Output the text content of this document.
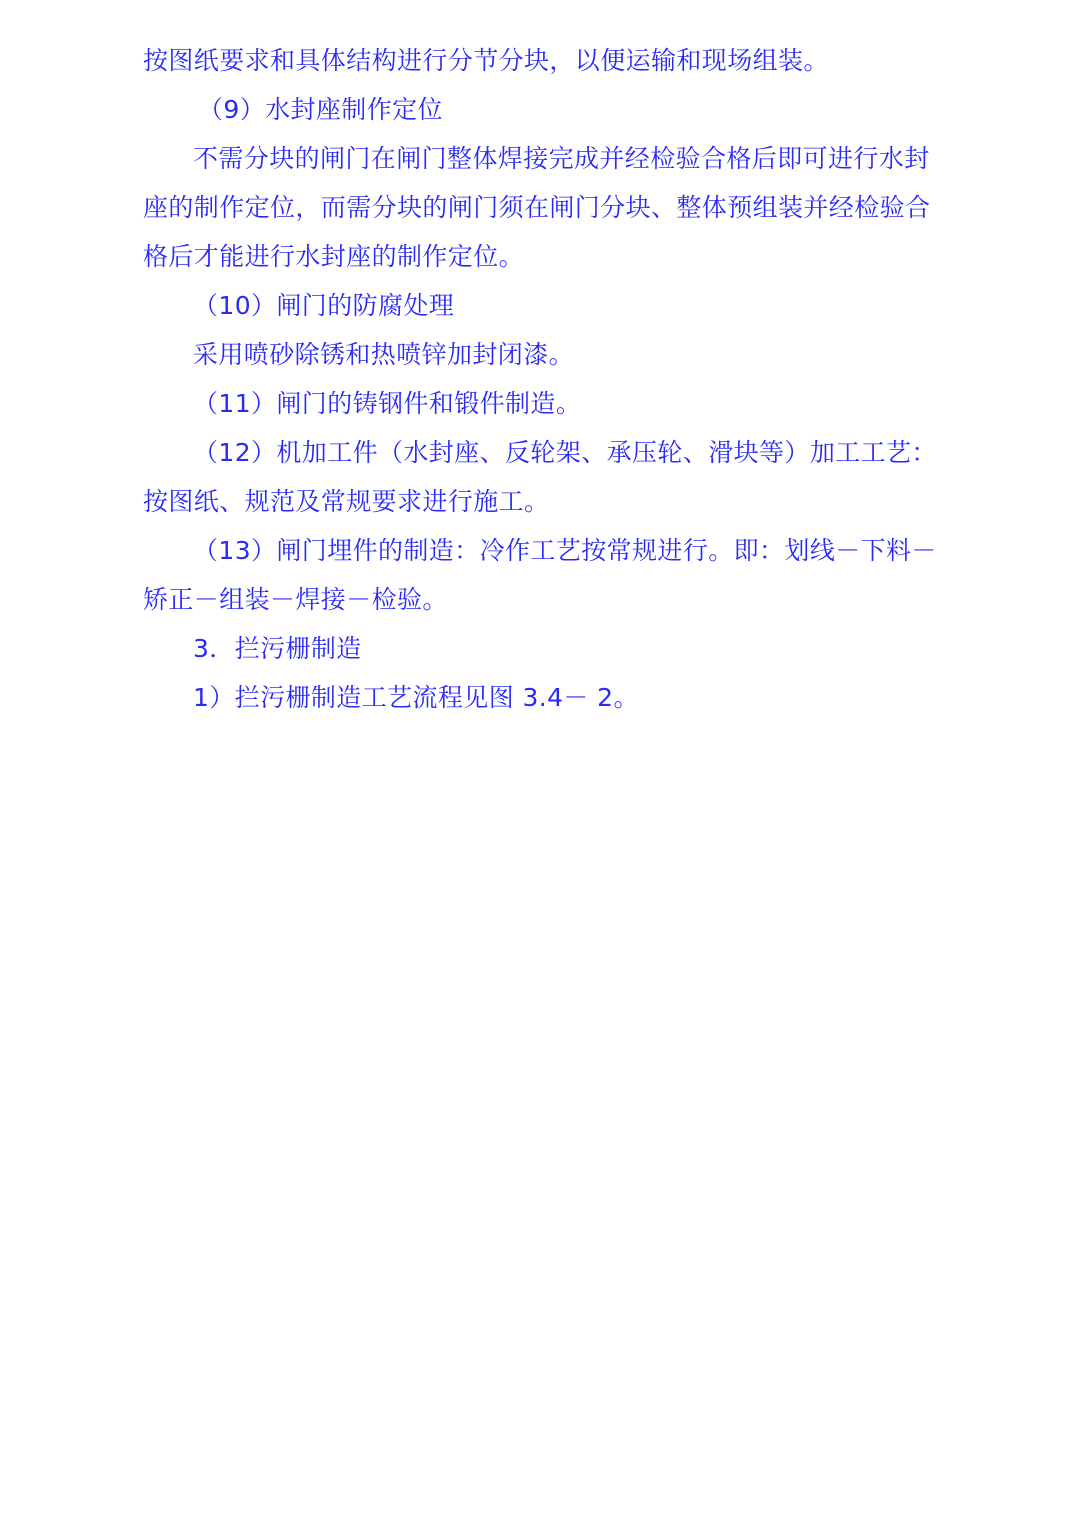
按图纸要求和具体结构进行分节分块，以便运输和现场组装。

（9）水封座制作定位

不需分块的闸门在闸门整体焊接完成并经检验合格后即可进行水封座的制作定位，而需分块的闸门须在闸门分块、整体预组装并经检验合格后才能进行水封座的制作定位。

（10）闸门的防腐处理

采用喷砂除锈和热喷锌加封闭漆。

（11）闸门的铸钢件和锻件制造。

（12）机加工件（水封座、反轮架、承压轮、滑块等）加工工艺：按图纸、规范及常规要求进行施工。

（13）闸门埋件的制造：冷作工艺按常规进行。即：划线－下料－矫正－组装－焊接－检验。

3．拦污栅制造

1）拦污栅制造工艺流程见图 3.4－ 2。
